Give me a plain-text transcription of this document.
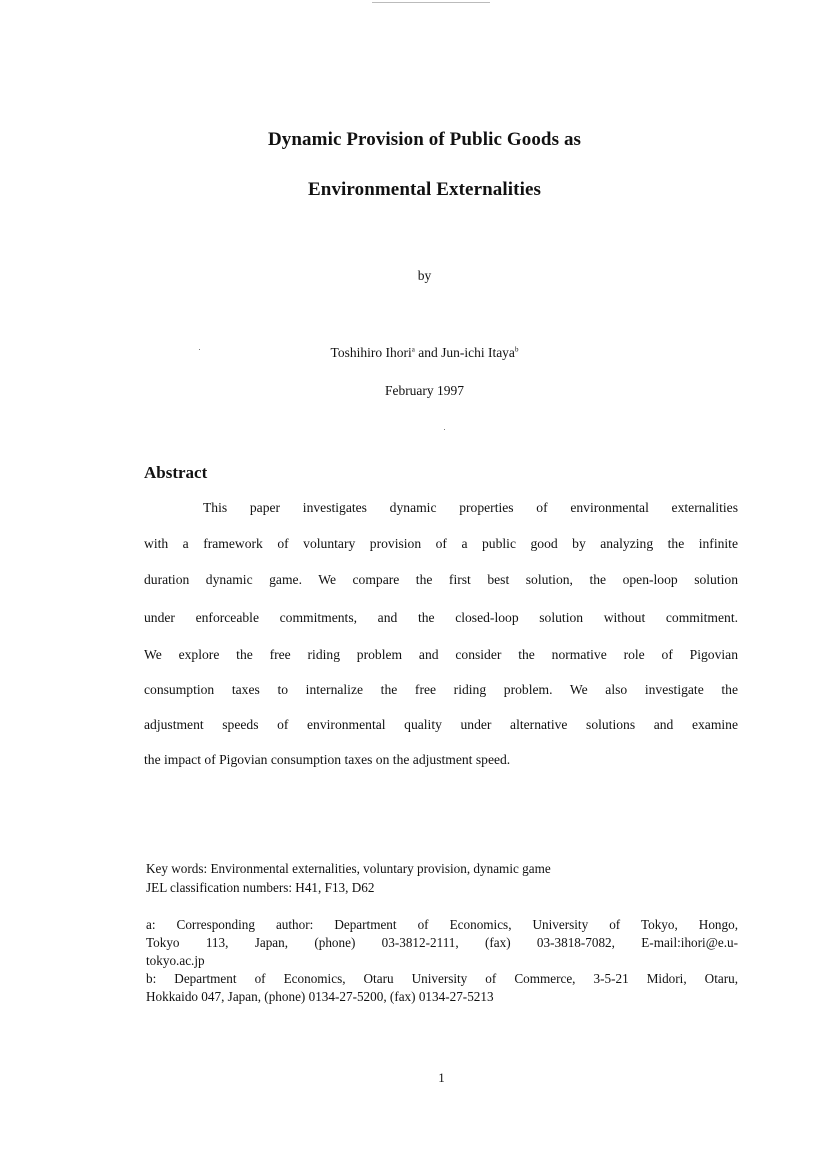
Dynamic Provision of Public Goods as
Environmental Externalities
by
Toshihiro Ihori$^a$ and Jun-ichi Itaya$^b$
February 1997
Abstract
This paper investigates dynamic properties of environmental externalities
with a framework of voluntary provision of a public good by analyzing the infinite
duration dynamic game. We compare the first best solution, the open-loop solution
under enforceable commitments, and the closed-loop solution without commitment.
We explore the free riding problem and consider the normative role of Pigovian
consumption taxes to internalize the free riding problem. We also investigate the
adjustment speeds of environmental quality under alternative solutions and examine
the impact of Pigovian consumption taxes on the adjustment speed.
Key words: Environmental externalities, voluntary provision, dynamic game
JEL classification numbers: H41, F13, D62
a: Corresponding author: Department of Economics, University of Tokyo, Hongo,
Tokyo 113, Japan, (phone) 03-3812-2111, (fax) 03-3818-7082, E-mail:ihori@e.u-
tokyo.ac.jp
b: Department of Economics, Otaru University of Commerce, 3-5-21 Midori, Otaru,
Hokkaido 047, Japan, (phone) 0134-27-5200, (fax) 0134-27-5213
1
